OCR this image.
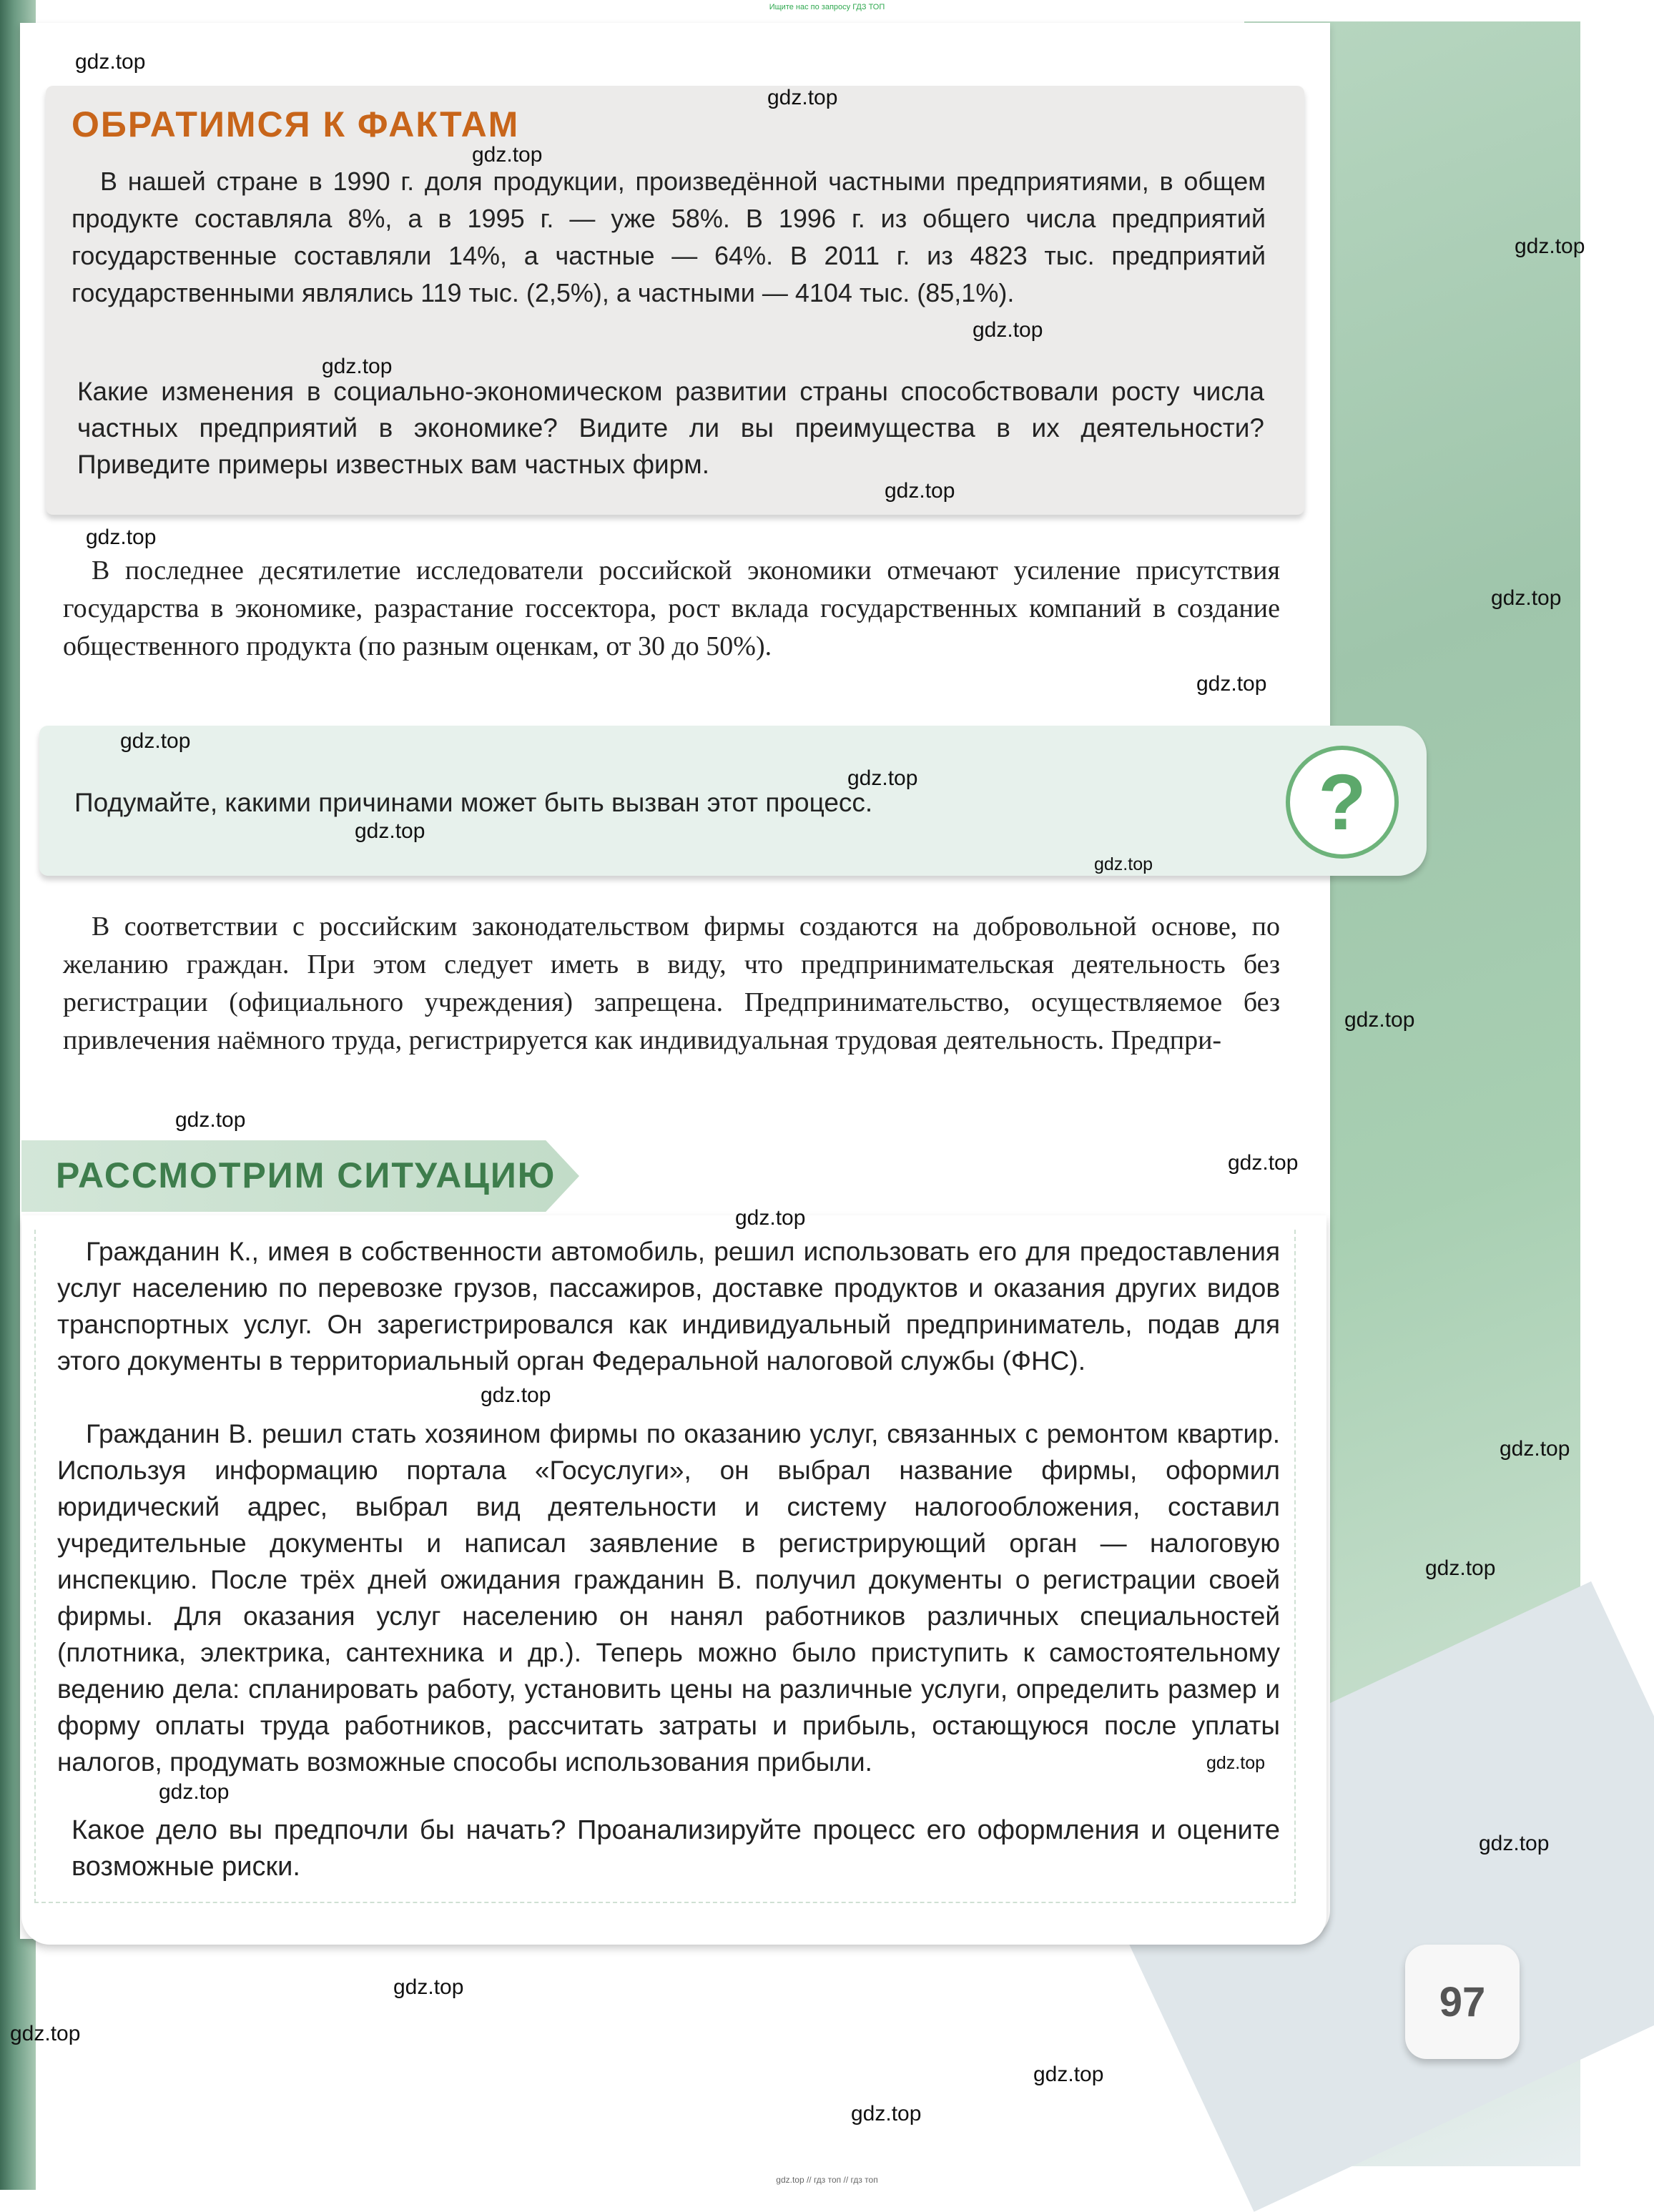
Ищите нас по запросу ГДЗ ТОП
ОБРАТИМСЯ К ФАКТАМ

В нашей стране в 1990 г. доля продукции, произведённой частными предприятиями, в общем продукте составляла 8%, а в 1995 г. — уже 58%. В 1996 г. из общего числа предприятий государственные составляли 14%, а частные — 64%. В 2011 г. из 4823 тыс. предприятий государственными являлись 119 тыс. (2,5%), а частными — 4104 тыс. (85,1%).

Какие изменения в социально-экономическом развитии страны способствовали росту числа частных предприятий в экономике? Видите ли вы преимущества в их деятельности? Приведите примеры известных вам частных фирм.

В последнее десятилетие исследователи российской экономики отмечают усиление присутствия государства в экономике, разрастание госсектора, рост вклада государственных компаний в создание общественного продукта (по разным оценкам, от 30 до 50%).

Подумайте, какими причинами может быть вызван этот процесс.	?

В соответствии с российским законодательством фирмы создаются на добровольной основе, по желанию граждан. При этом следует иметь в виду, что предпринимательская деятельность без регистрации (официального учреждения) запрещена. Предпринимательство, осуществляемое без привлечения наёмного труда, регистрируется как индивидуальная трудовая деятельность. Предпри-

РАССМОТРИМ СИТУАЦИЮ

Гражданин К., имея в собственности автомобиль, решил использовать его для предоставления услуг населению по перевозке грузов, пассажиров, доставке продуктов и оказания других видов транспортных услуг. Он зарегистрировался как индивидуальный предприниматель, подав для этого документы в территориальный орган Федеральной налоговой службы (ФНС).

Гражданин В. решил стать хозяином фирмы по оказанию услуг, связанных с ремонтом квартир. Используя информацию портала «Госуслуги», он выбрал название фирмы, оформил юридический адрес, выбрал вид деятельности и систему налогообложения, составил учредительные документы и написал заявление в регистрирующий орган — налоговую инспекцию. После трёх дней ожидания гражданин В. получил документы о регистрации своей фирмы. Для оказания услуг населению он нанял работников различных специальностей (плотника, электрика, сантехника и др.). Теперь можно было приступить к самостоятельному ведению дела: спланировать работу, установить цены на различные услуги, определить размер и форму оплаты труда работников, рассчитать затраты и прибыль, остающуюся после уплаты налогов, продумать возможные способы использования прибыли.

Какое дело вы предпочли бы начать? Проанализируйте процесс его оформления и оцените возможные риски.

97
gdz.top
gdz.top
gdz.top
gdz.top
gdz.top
gdz.top
gdz.top
gdz.top
gdz.top
gdz.top
gdz.top
gdz.top
gdz.top
gdz.top
gdz.top
gdz.top
gdz.top
gdz.top
gdz.top
gdz.top
gdz.top
gdz.top
gdz.top
gdz.top
gdz.top
gdz.top
gdz.top
gdz.top
gdz.top // гдз топ // гдз топ
